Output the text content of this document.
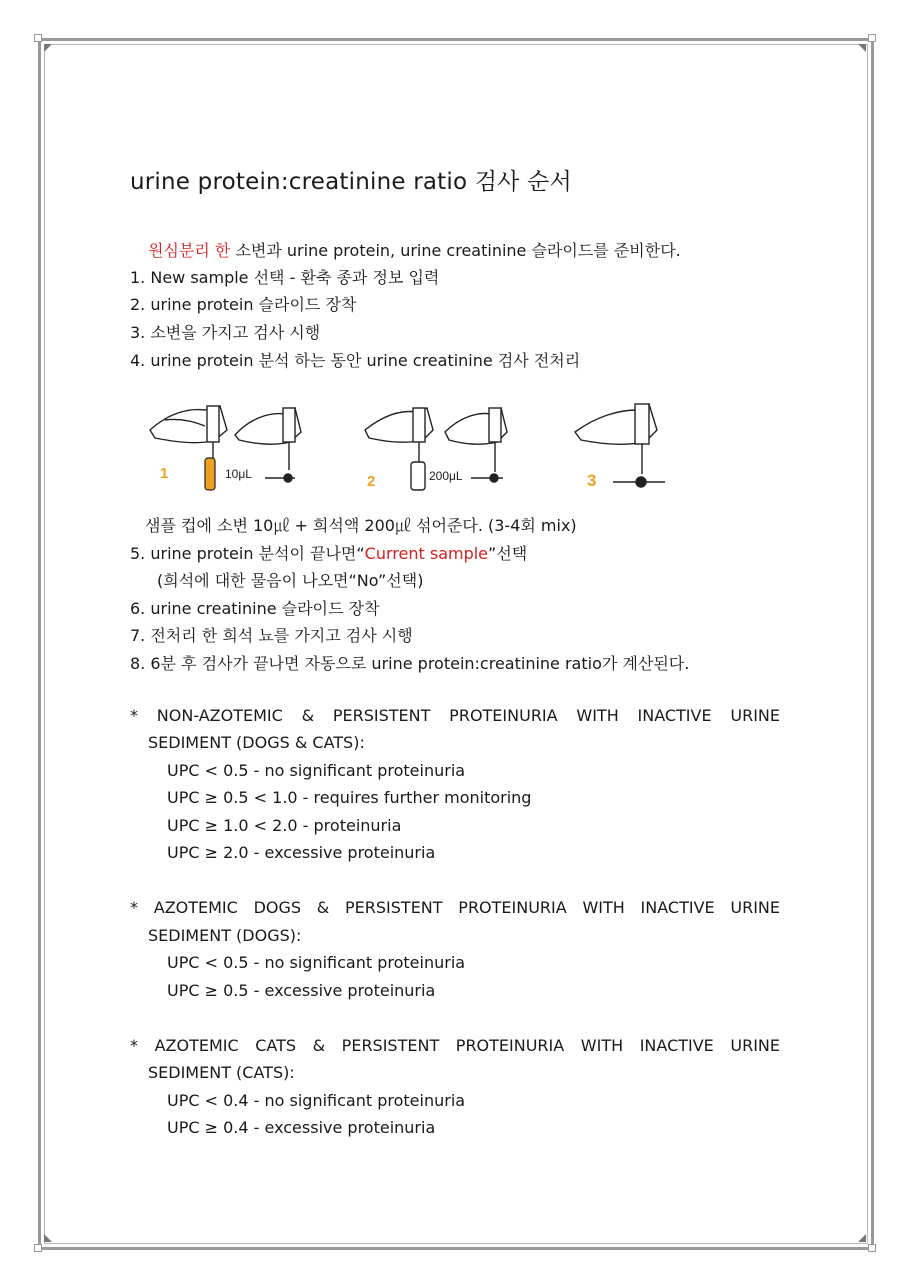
urine protein:creatinine ratio 검사 순서
원심분리 한 소변과 urine protein, urine creatinine 슬라이드를 준비한다.
1. New sample 선택 - 환축 종과 정보 입력
2. urine protein 슬라이드 장착
3. 소변을 가지고 검사 시행
4. urine protein 분석 하는 동안 urine creatinine 검사 전처리
1	10μL	2	200μL	3
샘플 컵에 소변 10㎕ + 희석액 200㎕ 섞어준다. (3-4회 mix)
5. urine protein 분석이 끝나면“Current sample”선택
(희석에 대한 물음이 나오면“No”선택)
6. urine creatinine 슬라이드 장착
7. 전처리 한 희석 뇨를 가지고 검사 시행
8. 6분 후 검사가 끝나면 자동으로 urine protein:creatinine ratio가 계산된다.
* NON-AZOTEMIC & PERSISTENT PROTEINURIA WITH INACTIVE URINE
SEDIMENT (DOGS & CATS):
UPC < 0.5 - no significant proteinuria
UPC ≥ 0.5 < 1.0 - requires further monitoring
UPC ≥ 1.0 < 2.0 - proteinuria
UPC ≥ 2.0 - excessive proteinuria
* AZOTEMIC DOGS & PERSISTENT PROTEINURIA WITH INACTIVE URINE
SEDIMENT (DOGS):
UPC < 0.5 - no significant proteinuria
UPC ≥ 0.5 - excessive proteinuria
* AZOTEMIC CATS & PERSISTENT PROTEINURIA WITH INACTIVE URINE
SEDIMENT (CATS):
UPC < 0.4 - no significant proteinuria
UPC ≥ 0.4 - excessive proteinuria
